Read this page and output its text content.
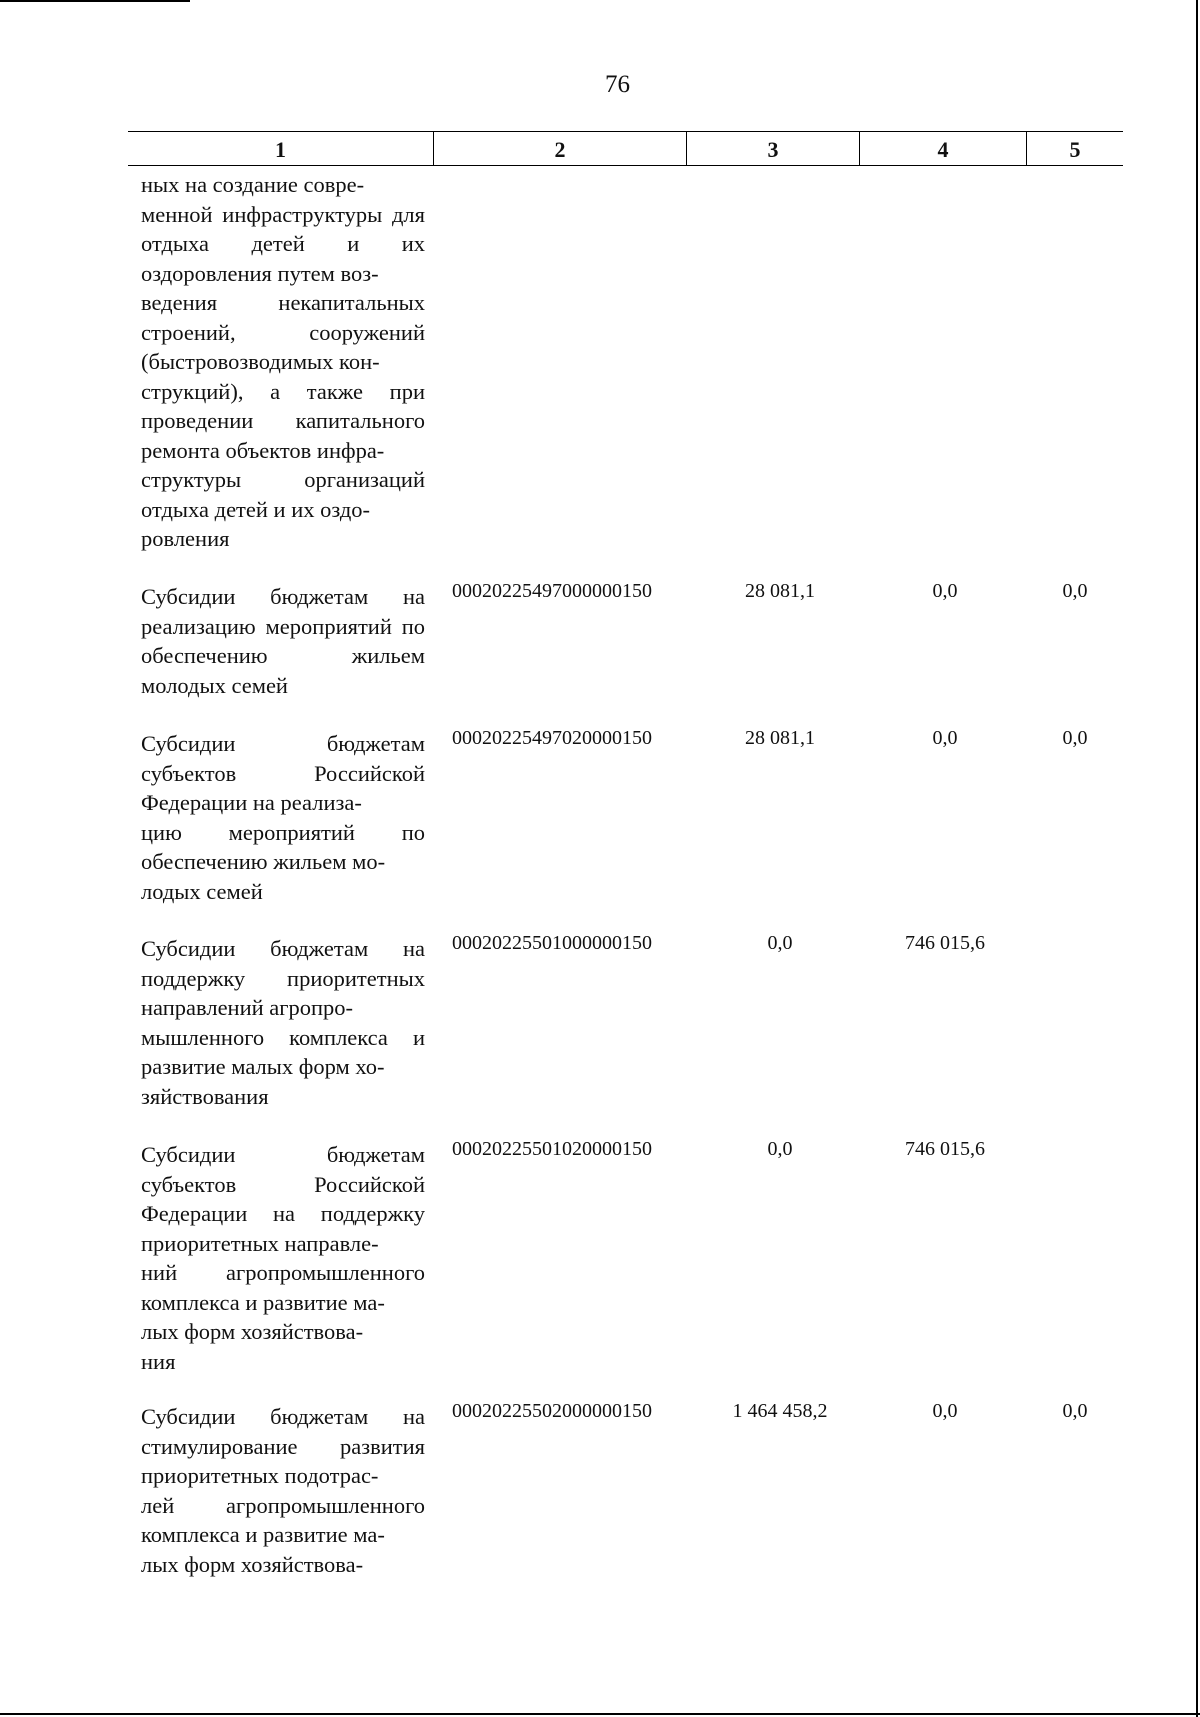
76
1	2	3	4	5
ных на создание совре-
менной инфраструктуры для отдыха детей и их оздоровления путем воз-
ведения некапитальных строений, сооружений (быстровозводимых кон-
струкций), а также при проведении капитального ремонта объектов инфра-
структуры организаций отдыха детей и их оздо-
ровления
Субсидии бюджетам на реализацию мероприятий по обеспечению жильем молодых семей
00020225497000000150	28 081,1	0,0	0,0
Субсидии бюджетам субъектов Российской Федерации на реализа-
цию мероприятий по обеспечению жильем мо-
лодых семей
00020225497020000150	28 081,1	0,0	0,0
Субсидии бюджетам на поддержку приоритетных направлений агропро-
мышленного комплекса и развитие малых форм хо-
зяйствования
00020225501000000150	0,0	746 015,6
Субсидии бюджетам субъектов Российской Федерации на поддержку приоритетных направле-
ний агропромышленного комплекса и развитие ма-
лых форм хозяйствова-
ния
00020225501020000150	0,0	746 015,6
Субсидии бюджетам на стимулирование развития приоритетных подотрас-
лей агропромышленного комплекса и развитие ма-
лых форм хозяйствова-
00020225502000000150	1 464 458,2	0,0	0,0
